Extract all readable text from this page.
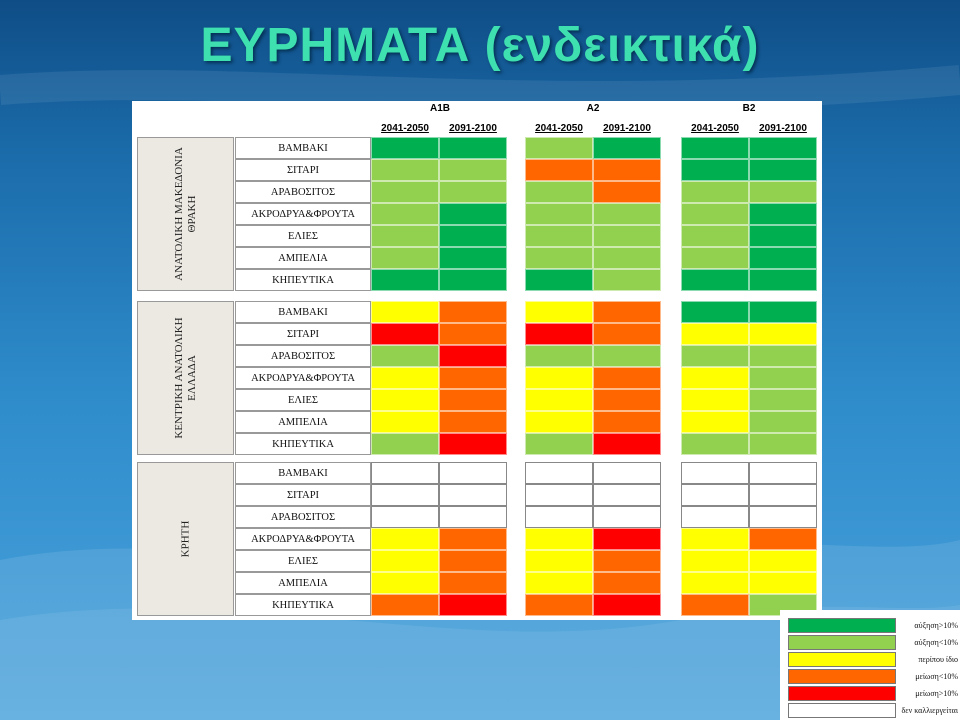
ΕΥΡΗΜΑΤΑ (ενδεικτικά)
A1B	A2	B2
2041-2050	2091-2100	2041-2050	2091-2100	2041-2050	2091-2100
ΑΝΑΤΟΛΙΚΗ ΜΑΚΕΔΟΝΙΑ
ΘΡΑΚΗ
ΒΑΜΒΑΚΙ
ΣΙΤΑΡΙ
ΑΡΑΒΟΣΙΤΟΣ
ΑΚΡΟΔΡΥΑ&ΦΡΟΥΤΑ
ΕΛΙΕΣ
ΑΜΠΕΛΙΑ
ΚΗΠΕΥΤΙΚΑ
ΚΕΝΤΡΙΚΗ ΑΝΑΤΟΛΙΚΗ
ΕΛΛΑΔΑ
ΒΑΜΒΑΚΙ
ΣΙΤΑΡΙ
ΑΡΑΒΟΣΙΤΟΣ
ΑΚΡΟΔΡΥΑ&ΦΡΟΥΤΑ
ΕΛΙΕΣ
ΑΜΠΕΛΙΑ
ΚΗΠΕΥΤΙΚΑ
ΚΡΗΤΗ
ΒΑΜΒΑΚΙ
ΣΙΤΑΡΙ
ΑΡΑΒΟΣΙΤΟΣ
ΑΚΡΟΔΡΥΑ&ΦΡΟΥΤΑ
ΕΛΙΕΣ
ΑΜΠΕΛΙΑ
ΚΗΠΕΥΤΙΚΑ
αύξηση>10%
αύξηση<10%
περίπου ίδιο
μείωση<10%
μείωση>10%
δεν καλλιεργείται
